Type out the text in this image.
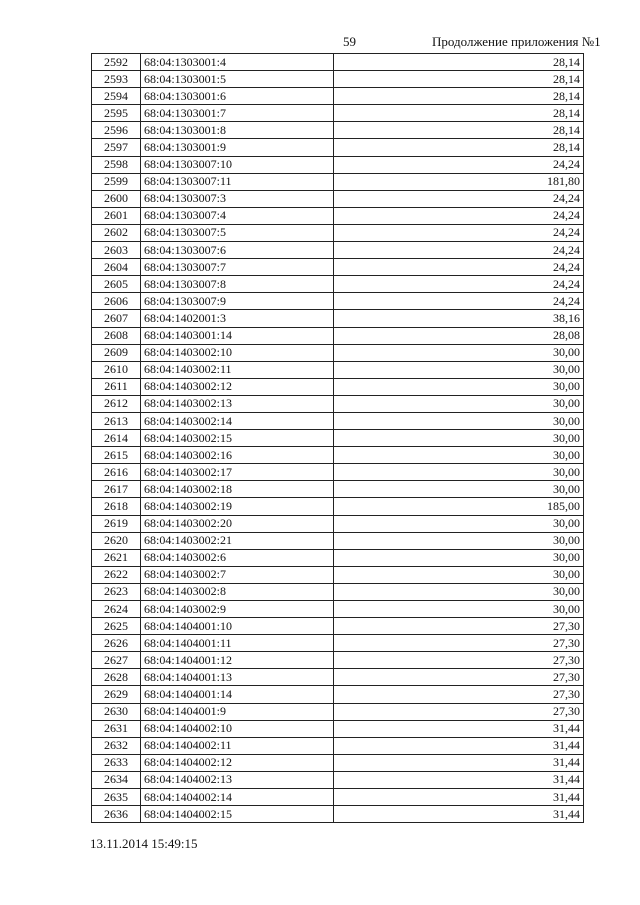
59	Продолжение приложения №1
2592	68:04:1303001:4	28,14
2593	68:04:1303001:5	28,14
2594	68:04:1303001:6	28,14
2595	68:04:1303001:7	28,14
2596	68:04:1303001:8	28,14
2597	68:04:1303001:9	28,14
2598	68:04:1303007:10	24,24
2599	68:04:1303007:11	181,80
2600	68:04:1303007:3	24,24
2601	68:04:1303007:4	24,24
2602	68:04:1303007:5	24,24
2603	68:04:1303007:6	24,24
2604	68:04:1303007:7	24,24
2605	68:04:1303007:8	24,24
2606	68:04:1303007:9	24,24
2607	68:04:1402001:3	38,16
2608	68:04:1403001:14	28,08
2609	68:04:1403002:10	30,00
2610	68:04:1403002:11	30,00
2611	68:04:1403002:12	30,00
2612	68:04:1403002:13	30,00
2613	68:04:1403002:14	30,00
2614	68:04:1403002:15	30,00
2615	68:04:1403002:16	30,00
2616	68:04:1403002:17	30,00
2617	68:04:1403002:18	30,00
2618	68:04:1403002:19	185,00
2619	68:04:1403002:20	30,00
2620	68:04:1403002:21	30,00
2621	68:04:1403002:6	30,00
2622	68:04:1403002:7	30,00
2623	68:04:1403002:8	30,00
2624	68:04:1403002:9	30,00
2625	68:04:1404001:10	27,30
2626	68:04:1404001:11	27,30
2627	68:04:1404001:12	27,30
2628	68:04:1404001:13	27,30
2629	68:04:1404001:14	27,30
2630	68:04:1404001:9	27,30
2631	68:04:1404002:10	31,44
2632	68:04:1404002:11	31,44
2633	68:04:1404002:12	31,44
2634	68:04:1404002:13	31,44
2635	68:04:1404002:14	31,44
2636	68:04:1404002:15	31,44
13.11.2014 15:49:15
